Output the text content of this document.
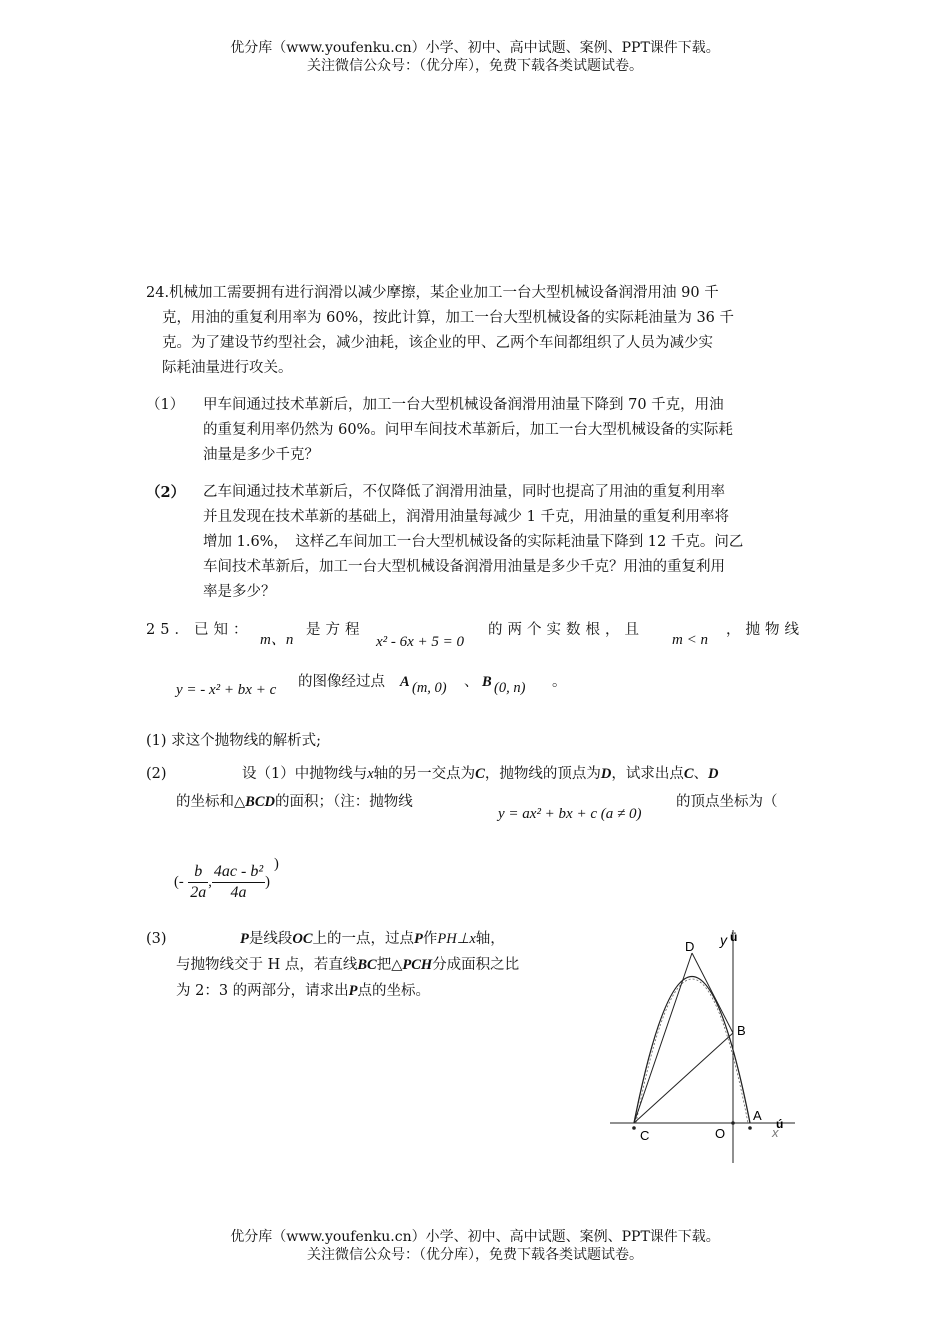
优分库（www.youfenku.cn）小学、初中、高中试题、案例、PPT课件下载。
关注微信公众号：（优分库），免费下载各类试题试卷。
24.机械加工需要拥有进行润滑以减少摩擦，某企业加工一台大型机械设备润滑用油 90 千
克，用油的重复利用率为 60%，按此计算，加工一台大型机械设备的实际耗油量为 36 千
克。为了建设节约型社会，减少油耗，该企业的甲、乙两个车间都组织了人员为减少实
际耗油量进行攻关。
（1） 甲车间通过技术革新后，加工一台大型机械设备润滑用油量下降到 70 千克，用油
的重复利用率仍然为 60%。问甲车间技术革新后，加工一台大型机械设备的实际耗
油量是多少千克？
（2） 乙车间通过技术革新后，不仅降低了润滑用油量，同时也提高了用油的重复利用率
并且发现在技术革新的基础上，润滑用油量每减少 1 千克，用油量的重复利用率将
增加 1.6%，　这样乙车间加工一台大型机械设备的实际耗油量下降到 12 千克。问乙
车间技术革新后，加工一台大型机械设备润滑用油量是多少千克？用油的重复利用
率是多少？
25．已知：
m、n
是方程
x² - 6x + 5 = 0
的两个实数根，且
m < n
，抛物线
y = - x² + bx + c 的图像经过点 A (m, 0) 、 B (0, n) 。
(1) 求这个抛物线的解析式;
(2)	设（1）中抛物线与x轴的另一交点为C，抛物线的顶点为D，试求出点C、D
的坐标和△BCD的面积；（注：抛物线
y = ax² + bx + c (a ≠ 0)
的顶点坐标为（
(- $\frac{b}{2a}$ , $\frac{\text{4ac - b²}}{4a}$ ))
(3)	P是线段OC上的一点，过点P作PH⊥x轴，
与抛物线交于 H 点，若直线BC把△PCH分成面积之比
为 2：3 的两部分，请求出P点的坐标。
D
B
A
C	O
y ü
x
ú
优分库（www.youfenku.cn）小学、初中、高中试题、案例、PPT课件下载。
关注微信公众号：（优分库），免费下载各类试题试卷。
